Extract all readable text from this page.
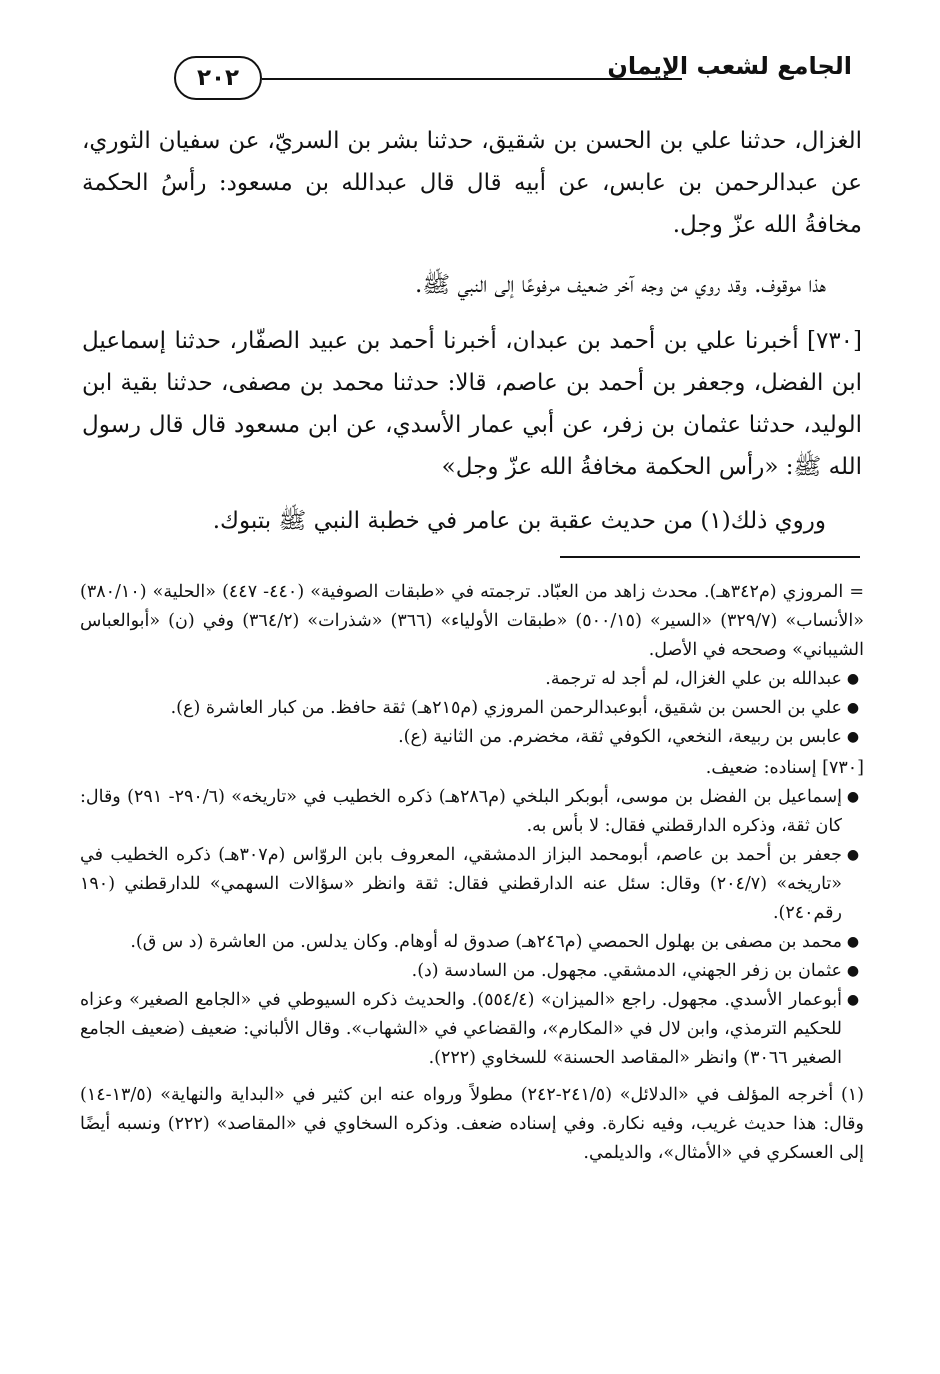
الجامع لشعب الإيمان
٢٠٢

الغزال، حدثنا علي بن الحسن بن شقيق، حدثنا بشر بن السريّ، عن سفيان الثوري، عن عبدالرحمن بن عابس، عن أبيه قال قال عبدالله بن مسعود: رأسُ الحكمة مخافةُ الله عزّ وجل.

هذا موقوف. وقد روي من وجه آخر ضعيف مرفوعًا إلى النبي ﷺ.

[٧٣٠] أخبرنا علي بن أحمد بن عبدان، أخبرنا أحمد بن عبيد الصفّار، حدثنا إسماعيل ابن الفضل، وجعفر بن أحمد بن عاصم، قالا: حدثنا محمد بن مصفى، حدثنا بقية ابن الوليد، حدثنا عثمان بن زفر، عن أبي عمار الأسدي، عن ابن مسعود قال قال رسول الله ﷺ: «رأس الحكمة مخافةُ الله عزّ وجل»

وروي ذلك(١) من حديث عقبة بن عامر في خطبة النبي ﷺ بتبوك.

= المروزي (م٣٤٢هـ). محدث زاهد من العبّاد. ترجمته في «طبقات الصوفية» (٤٤٠- ٤٤٧) «الحلية» (٣٨٠/١٠) «الأنساب» (٣٢٩/٧) «السير» (٥٠٠/١٥) «طبقات الأولياء» (٣٦٦) «شذرات» (٣٦٤/٢) وفي (ن) «أبوالعباس الشيباني» وصححه في الأصل.

●
عبدالله بن علي الغزال، لم أجد له ترجمة.
●
علي بن الحسن بن شقيق، أبوعبدالرحمن المروزي (م٢١٥هـ) ثقة حافظ. من كبار العاشرة (ع).
●
عابس بن ربيعة، النخعي، الكوفي ثقة، مخضرم. من الثانية (ع).

[٧٣٠] إسناده: ضعيف.

●
إسماعيل بن الفضل بن موسى، أبوبكر البلخي (م٢٨٦هـ) ذكره الخطيب في «تاريخه» (٢٩٠/٦- ٢٩١) وقال: كان ثقة، وذكره الدارقطني فقال: لا بأس به.
●
جعفر بن أحمد بن عاصم، أبومحمد البزاز الدمشقي، المعروف بابن الروّاس (م٣٠٧هـ) ذكره الخطيب في «تاريخه» (٢٠٤/٧) وقال: سئل عنه الدارقطني فقال: ثقة وانظر «سؤالات السهمي» للدارقطني (١٩٠ رقم٢٤٠).
●
محمد بن مصفى بن بهلول الحمصي (م٢٤٦هـ) صدوق له أوهام. وكان يدلس. من العاشرة (د س ق).
●
عثمان بن زفر الجهني، الدمشقي. مجهول. من السادسة (د).
●
أبوعمار الأسدي. مجهول. راجع «الميزان» (٥٥٤/٤). والحديث ذكره السيوطي في «الجامع الصغير» وعزاه للحكيم الترمذي، وابن لال في «المكارم»، والقضاعي في «الشهاب». وقال الألباني: ضعيف (ضعيف الجامع الصغير ٣٠٦٦) وانظر «المقاصد الحسنة» للسخاوي (٢٢٢).
(١) أخرجه المؤلف في «الدلائل» (٢٤١/٥-٢٤٢) مطولاً ورواه عنه ابن كثير في «البداية والنهاية» (١٣/٥-١٤) وقال: هذا حديث غريب، وفيه نكارة. وفي إسناده ضعف. وذكره السخاوي في «المقاصد» (٢٢٢) ونسبه أيضًا إلى العسكري في «الأمثال»، والديلمي.
